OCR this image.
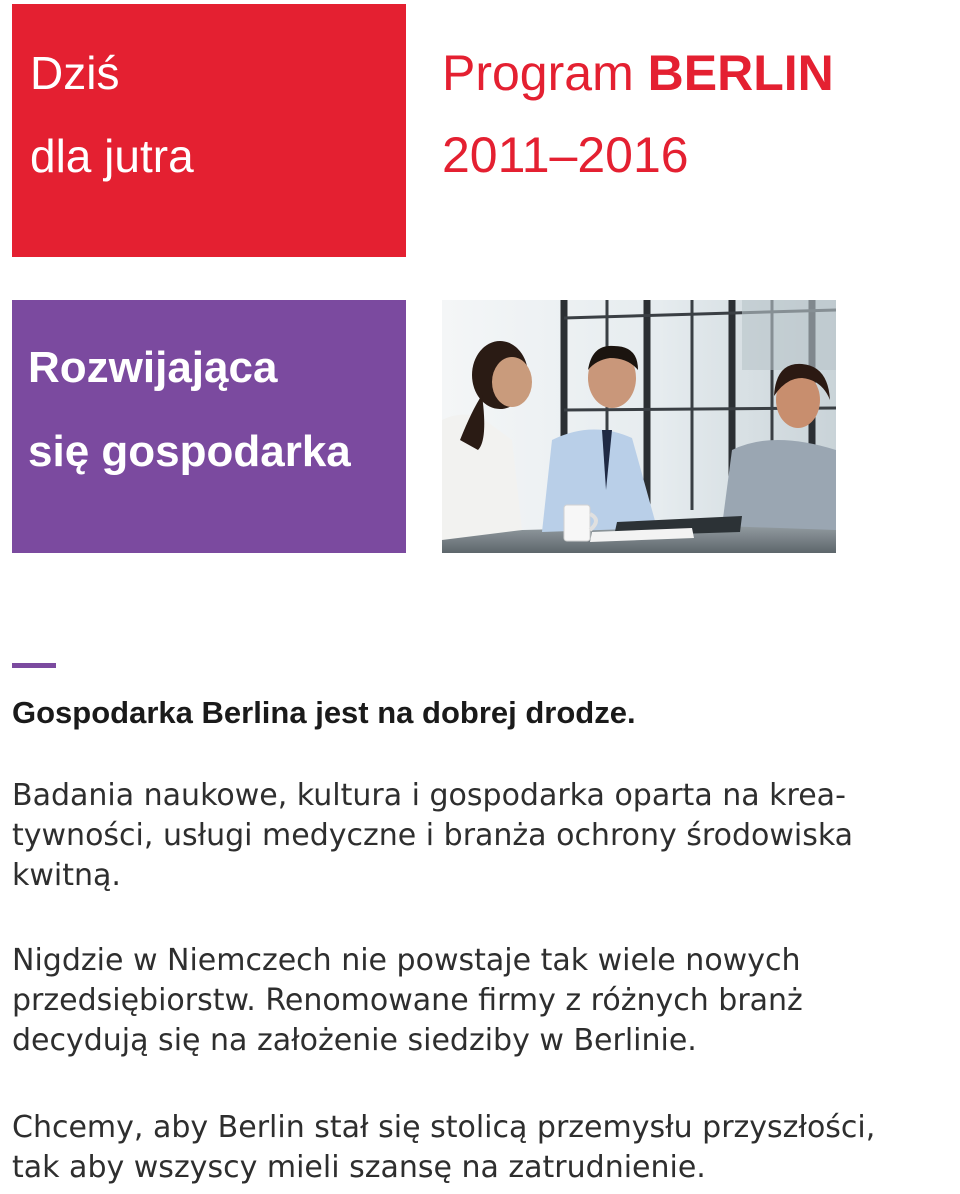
Dziś
dla jutra
Program BERLIN
2011–2016
Rozwijająca
się gospodarka
Gospodarka Berlina jest na dobrej drodze.

Badania naukowe, kultura i gospodarka oparta na krea-
tywności, usługi medyczne i branża ochrony środowiska
kwitną.

Nigdzie w Niemczech nie powstaje tak wiele nowych
przedsiębiorstw. Renomowane firmy z różnych branż
decydują się na założenie siedziby w Berlinie.

Chcemy, aby Berlin stał się stolicą przemysłu przyszłości,
tak aby wszyscy mieli szansę na zatrudnienie.
